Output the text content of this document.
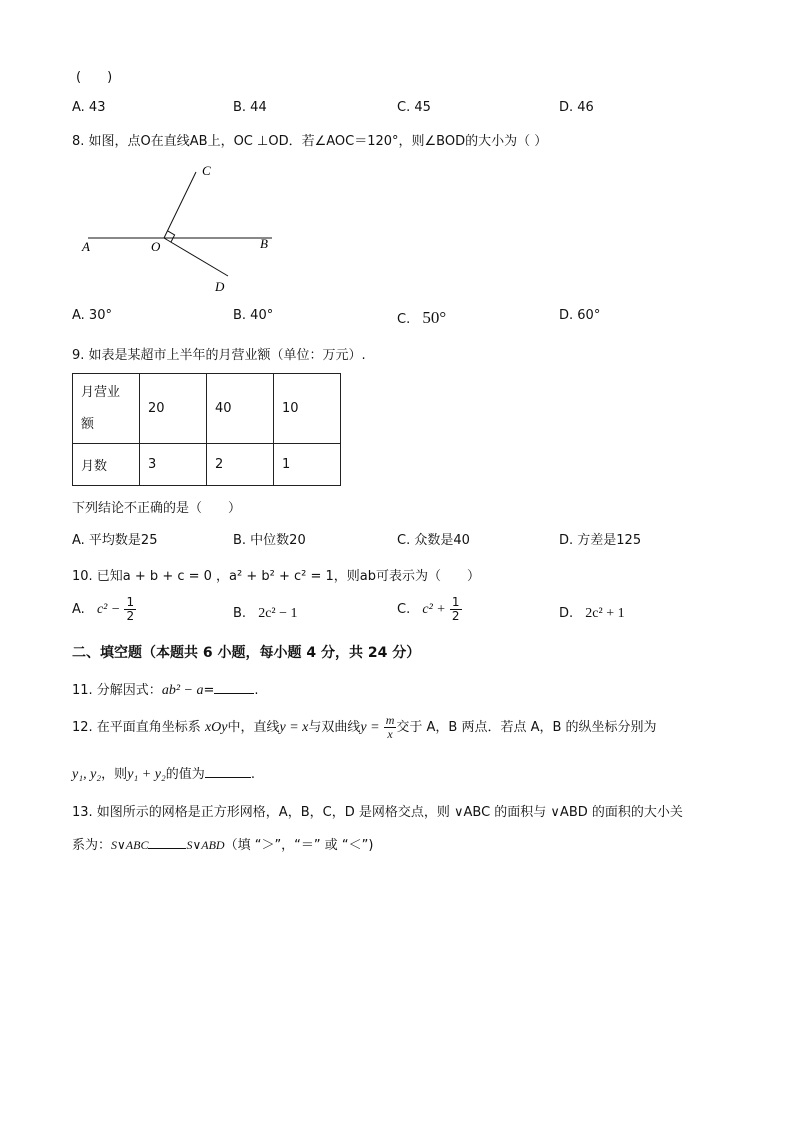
(　　)
A. 43	B. 44	C. 45	D. 46
8. 如图，点O在直线AB上，OC ⊥OD．若∠AOC＝120°，则∠BOD的大小为（ ）
A	B
C
D
O
A. 30°	B. 40°	C. 50°	D. 60°
9. 如表是某超市上半年的月营业额（单位：万元）.
月营业
额	20	40	10
月数	3	2	1
下列结论不正确的是（　　）
A. 平均数是25	B. 中位数20	C. 众数是40	D. 方差是125
10. 已知a + b + c = 0 ，a² + b² + c² = 1，则ab可表示为（　　）
A. $c^2 - \frac{1}{2}$	B. 2c² − 1	C. $c^2 + \frac{1}{2}$	D. 2c² + 1
二、填空题（本题共 6 小题，每小题 4 分，共 24 分）
11. 分解因式：ab² − a=	.
12. 在平面直角坐标系 xOy中，直线y = x与双曲线$y = \frac{m}{x}$ 交于 A，B 两点．若点 A，B 的纵坐标分别为
y₁, y₂，则y₁ + y₂的值为	.
13. 如图所示的网格是正方形网格，A，B，C，D 是网格交点，则 ∨ABC 的面积与 ∨ABD 的面积的大小关
系为：S∨ABC	S∨ABD（填 “＞”，“＝” 或 “＜”)
